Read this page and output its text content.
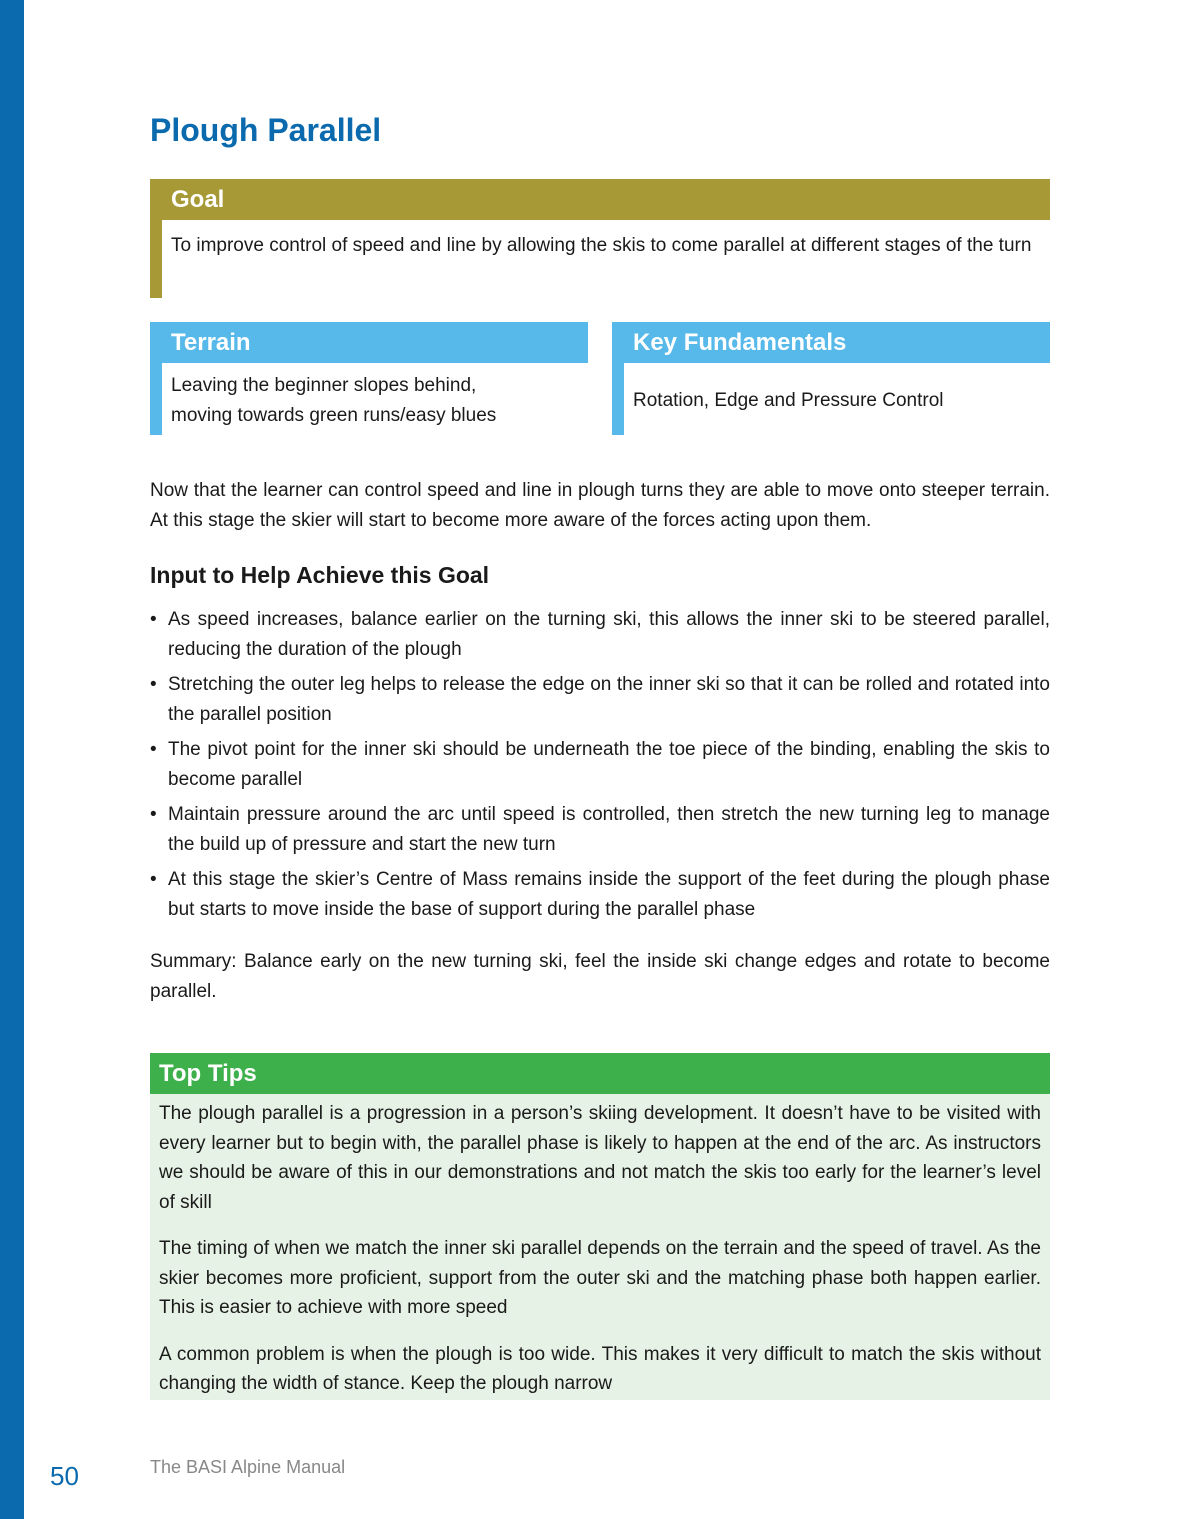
Plough Parallel
Goal

To improve control of speed and line by allowing the skis to come parallel at different stages of the turn

Terrain
Leaving the beginner slopes behind,
moving towards green runs/easy blues
Key Fundamentals

Rotation, Edge and Pressure Control

Now that the learner can control speed and line in plough turns they are able to move onto steeper terrain. At this stage the skier will start to become more aware of the forces acting upon them.

Input to Help Achieve this Goal
• As speed increases, balance earlier on the turning ski, this allows the inner ski to be steered parallel, reducing the duration of the plough
• Stretching the outer leg helps to release the edge on the inner ski so that it can be rolled and rotated into the parallel position
• The pivot point for the inner ski should be underneath the toe piece of the binding, enabling the skis to become parallel
• Maintain pressure around the arc until speed is controlled, then stretch the new turning leg to manage the build up of pressure and start the new turn
• At this stage the skier’s Centre of Mass remains inside the support of the feet during the plough phase but starts to move inside the base of support during the parallel phase

Summary: Balance early on the new turning ski, feel the inside ski change edges and rotate to become parallel.

Top Tips

The plough parallel is a progression in a person’s skiing development. It doesn’t have to be visited with every learner but to begin with, the parallel phase is likely to happen at the end of the arc. As instructors we should be aware of this in our demonstrations and not match the skis too early for the learner’s level of skill

The timing of when we match the inner ski parallel depends on the terrain and the speed of travel. As the skier becomes more proficient, support from the outer ski and the matching phase both happen earlier. This is easier to achieve with more speed

A common problem is when the plough is too wide. This makes it very difficult to match the skis without changing the width of stance. Keep the plough narrow

50	The BASI Alpine Manual
